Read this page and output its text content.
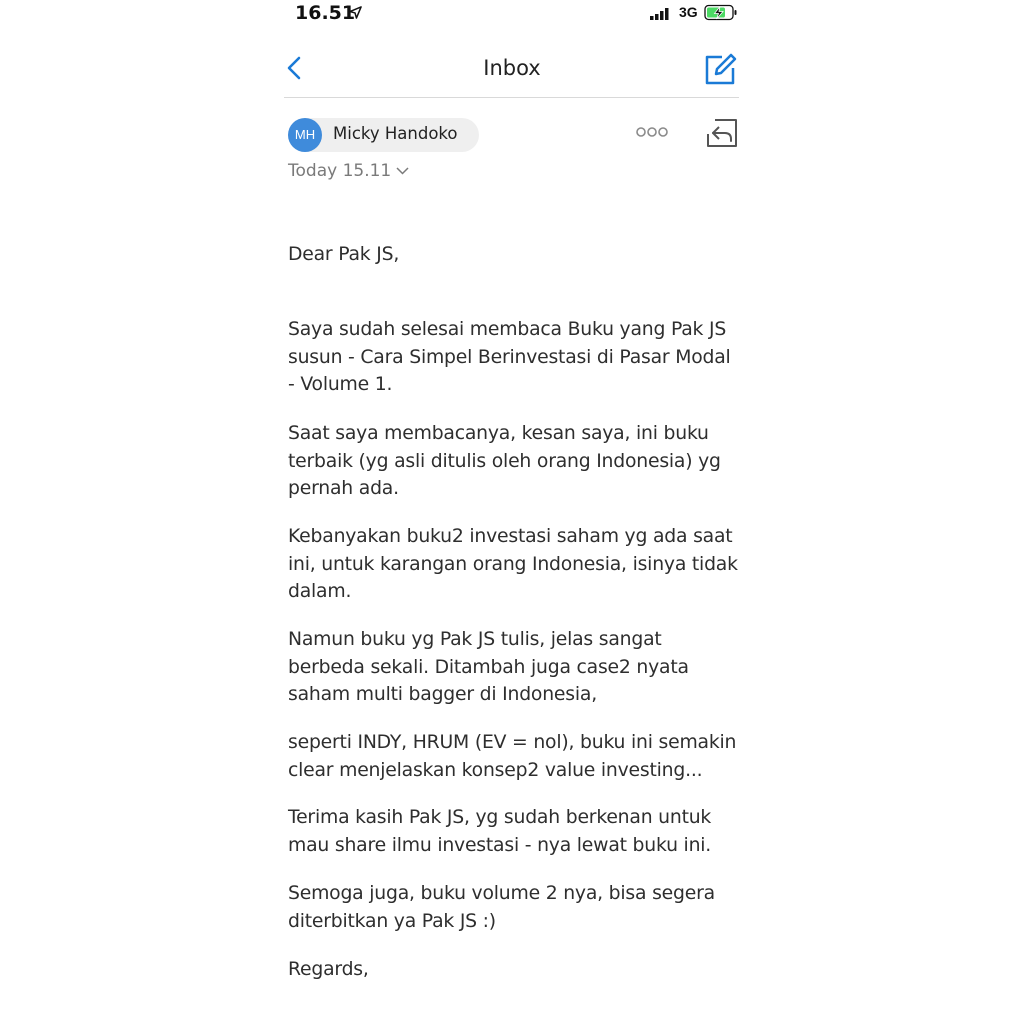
16.51	3G
Inbox
MH	Micky Handoko
Today 15.11
Dear Pak JS,
Saya sudah selesai membaca Buku yang Pak JS
susun - Cara Simpel Berinvestasi di Pasar Modal
- Volume 1.
Saat saya membacanya, kesan saya, ini buku
terbaik (yg asli ditulis oleh orang Indonesia) yg
pernah ada.
Kebanyakan buku2 investasi saham yg ada saat
ini, untuk karangan orang Indonesia, isinya tidak
dalam.
Namun buku yg Pak JS tulis, jelas sangat
berbeda sekali. Ditambah juga case2 nyata
saham multi bagger di Indonesia,
seperti INDY, HRUM (EV = nol), buku ini semakin
clear menjelaskan konsep2 value investing...
Terima kasih Pak JS, yg sudah berkenan untuk
mau share ilmu investasi - nya lewat buku ini.
Semoga juga, buku volume 2 nya, bisa segera
diterbitkan ya Pak JS :)
Regards,
